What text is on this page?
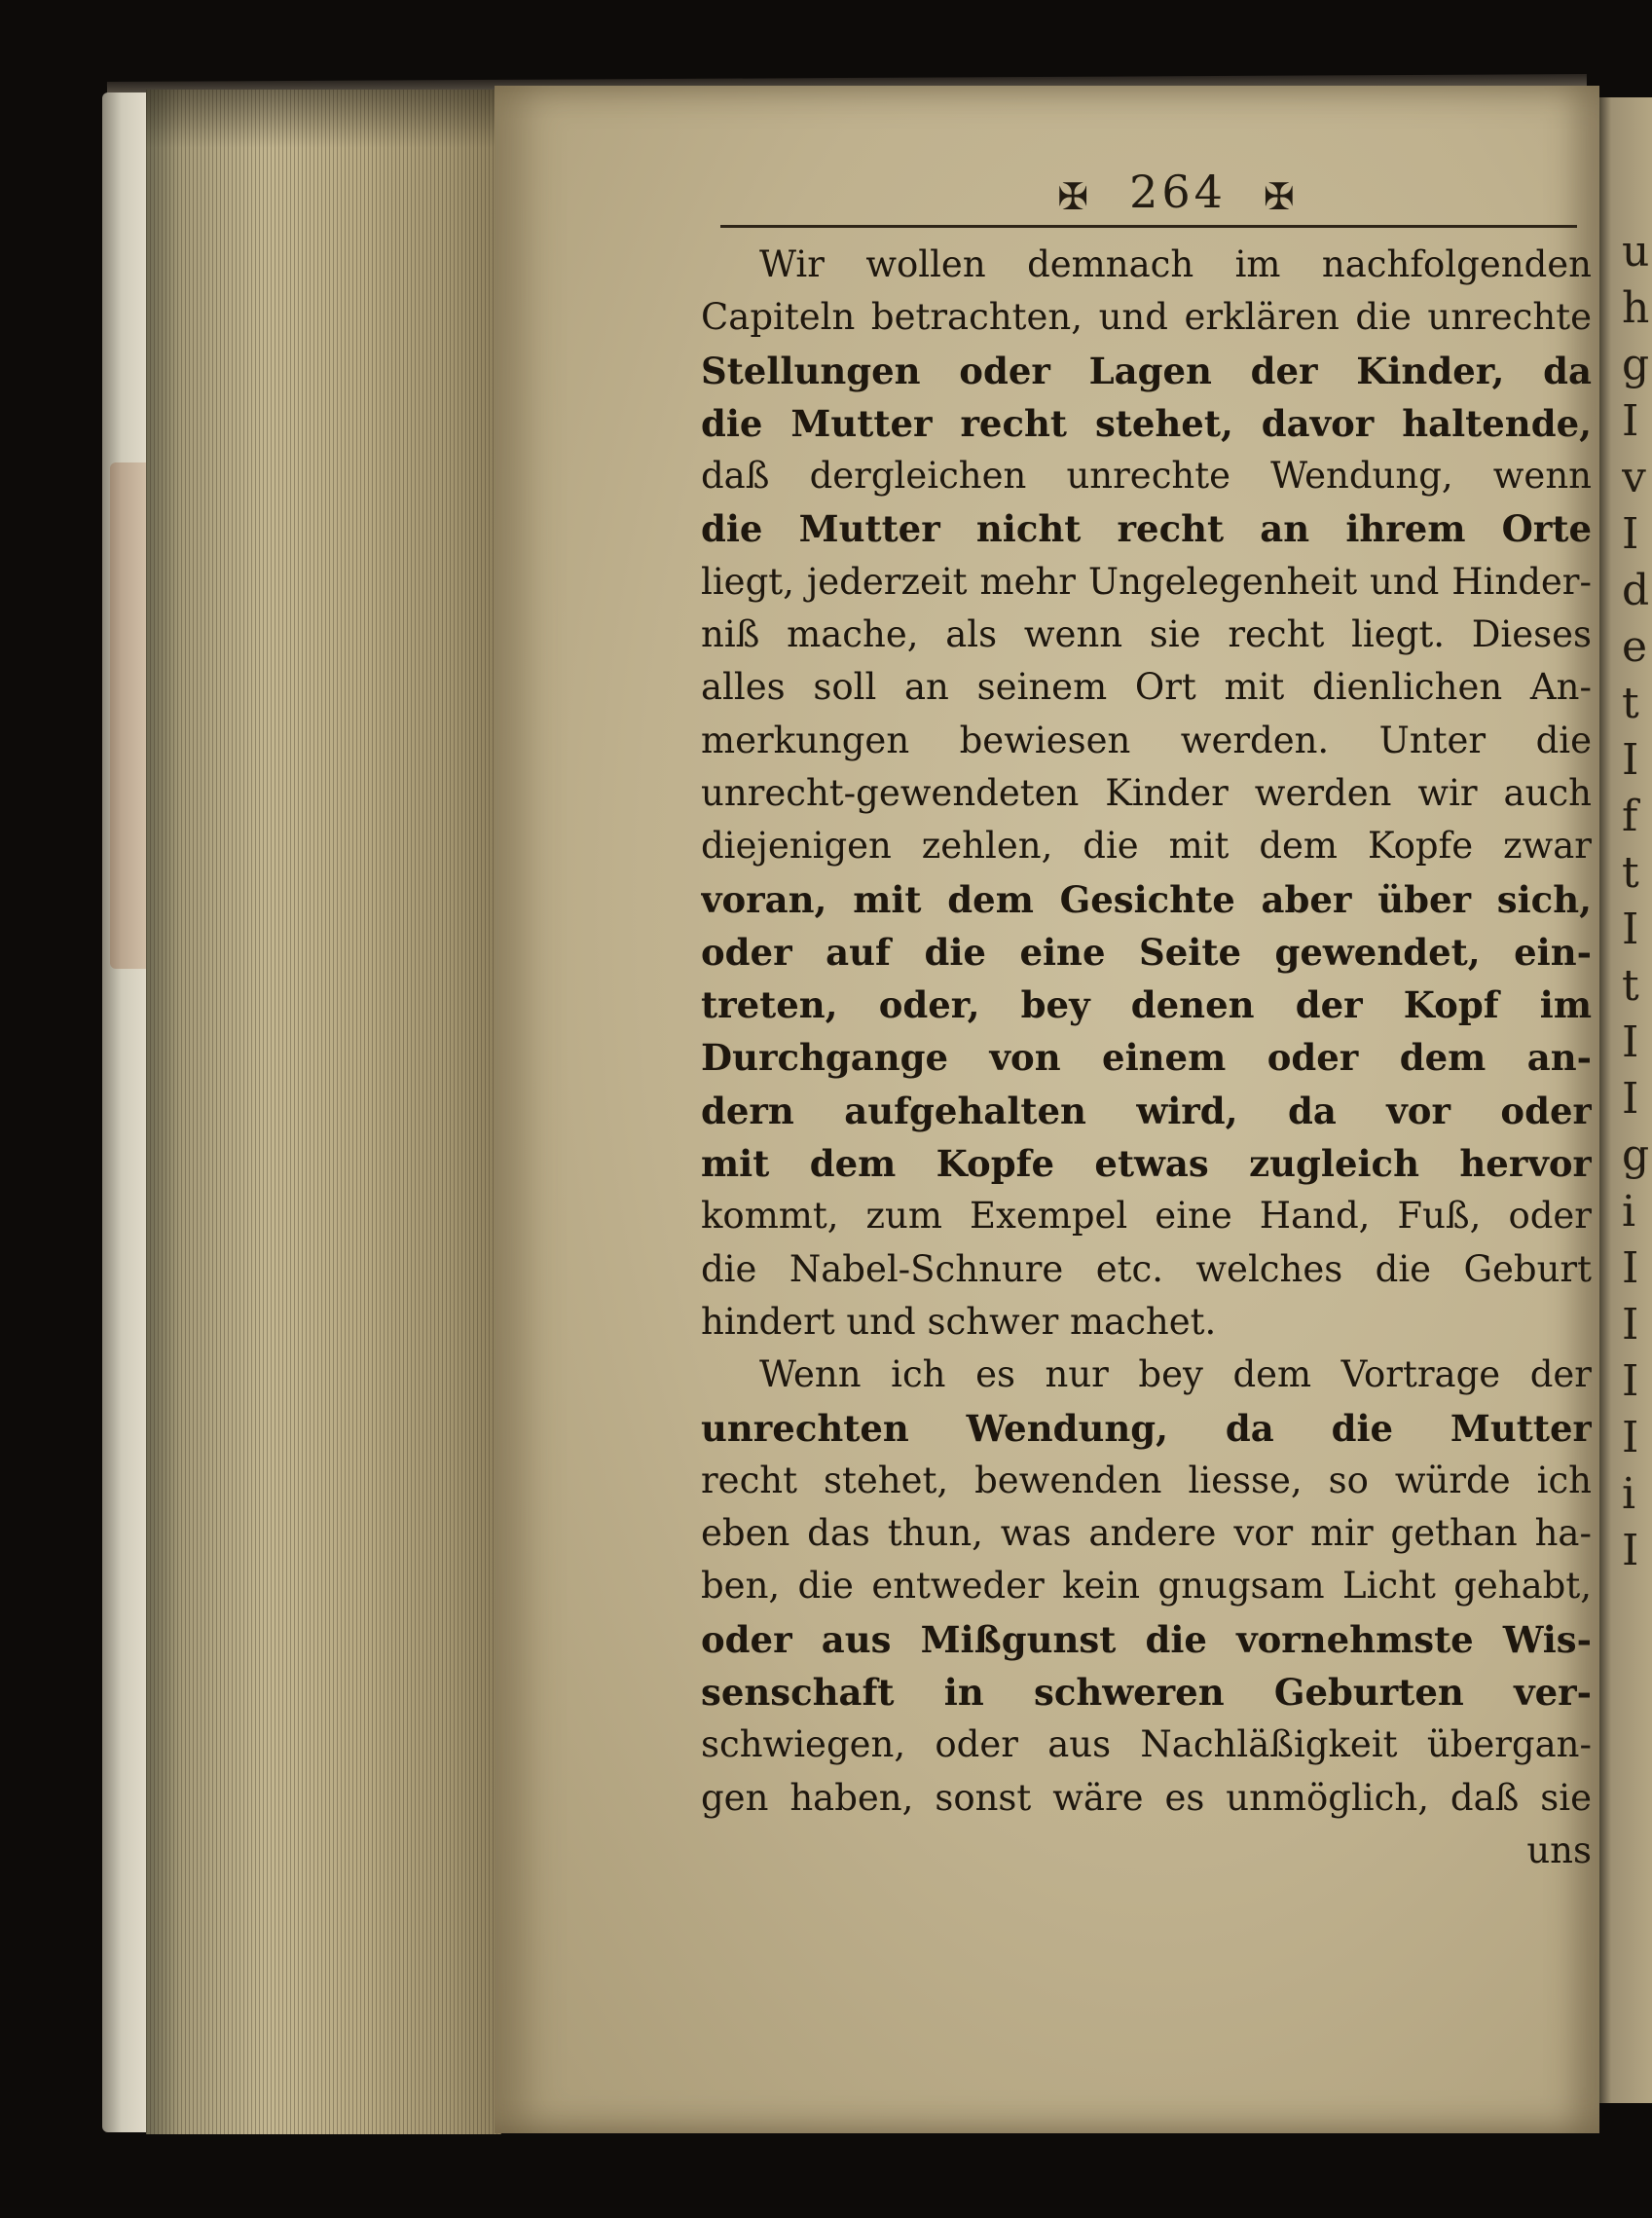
u
h
g
I
v
I
d
e
t
I
f
t
I
t
I
I
g
i
I
I
I
I
i
I
✠ 264 ✠
Wir wollen demnach im nachfolgenden
Capiteln betrachten, und erklären die unrechte
Stellungen oder Lagen der Kinder, da
die Mutter recht stehet, davor haltende,
daß dergleichen unrechte Wendung, wenn
die Mutter nicht recht an ihrem Orte
liegt, jederzeit mehr Ungelegenheit und Hinder-
niß mache, als wenn sie recht liegt. Dieses
alles soll an seinem Ort mit dienlichen An-
merkungen bewiesen werden. Unter die
unrecht-gewendeten Kinder werden wir auch
diejenigen zehlen, die mit dem Kopfe zwar
voran, mit dem Gesichte aber über sich,
oder auf die eine Seite gewendet, ein-
treten, oder, bey denen der Kopf im
Durchgange von einem oder dem an-
dern aufgehalten wird, da vor oder
mit dem Kopfe etwas zugleich hervor
kommt, zum Exempel eine Hand, Fuß, oder
die Nabel-Schnure etc. welches die Geburt
hindert und schwer machet.
Wenn ich es nur bey dem Vortrage der
unrechten Wendung, da die Mutter
recht stehet, bewenden liesse, so würde ich
eben das thun, was andere vor mir gethan ha-
ben, die entweder kein gnugsam Licht gehabt,
oder aus Mißgunst die vornehmste Wis-
senschaft in schweren Geburten ver-
schwiegen, oder aus Nachläßigkeit übergan-
gen haben, sonst wäre es unmöglich, daß sie
uns
